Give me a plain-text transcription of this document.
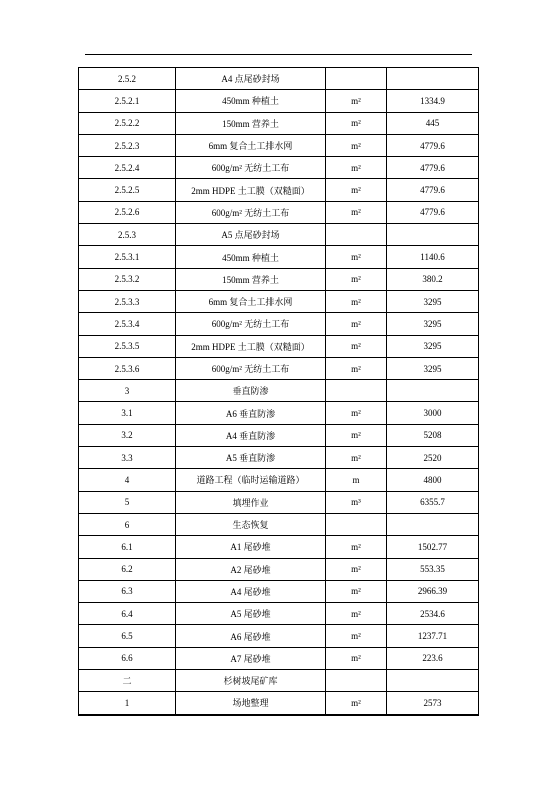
2.5.2	A4 点尾砂封场		
2.5.2.1	450mm 种植土	m²	1334.9
2.5.2.2	150mm 营养土	m²	445
2.5.2.3	6mm 复合土工排水网	m²	4779.6
2.5.2.4	600g/m² 无纺土工布	m²	4779.6
2.5.2.5	2mm HDPE 土工膜（双糙面）	m²	4779.6
2.5.2.6	600g/m² 无纺土工布	m²	4779.6
2.5.3	A5 点尾砂封场		
2.5.3.1	450mm 种植土	m²	1140.6
2.5.3.2	150mm 营养土	m²	380.2
2.5.3.3	6mm 复合土工排水网	m²	3295
2.5.3.4	600g/m² 无纺土工布	m²	3295
2.5.3.5	2mm HDPE 土工膜（双糙面）	m²	3295
2.5.3.6	600g/m² 无纺土工布	m²	3295
3	垂直防渗		
3.1	A6 垂直防渗	m²	3000
3.2	A4 垂直防渗	m²	5208
3.3	A5 垂直防渗	m²	2520
4	道路工程（临时运输道路）	m	4800
5	填埋作业	m³	6355.7
6	生态恢复		
6.1	A1 尾砂堆	m²	1502.77
6.2	A2 尾砂堆	m²	553.35
6.3	A4 尾砂堆	m²	2966.39
6.4	A5 尾砂堆	m²	2534.6
6.5	A6 尾砂堆	m²	1237.71
6.6	A7 尾砂堆	m²	223.6
二	杉树坡尾矿库		
1	场地整理	m²	2573
